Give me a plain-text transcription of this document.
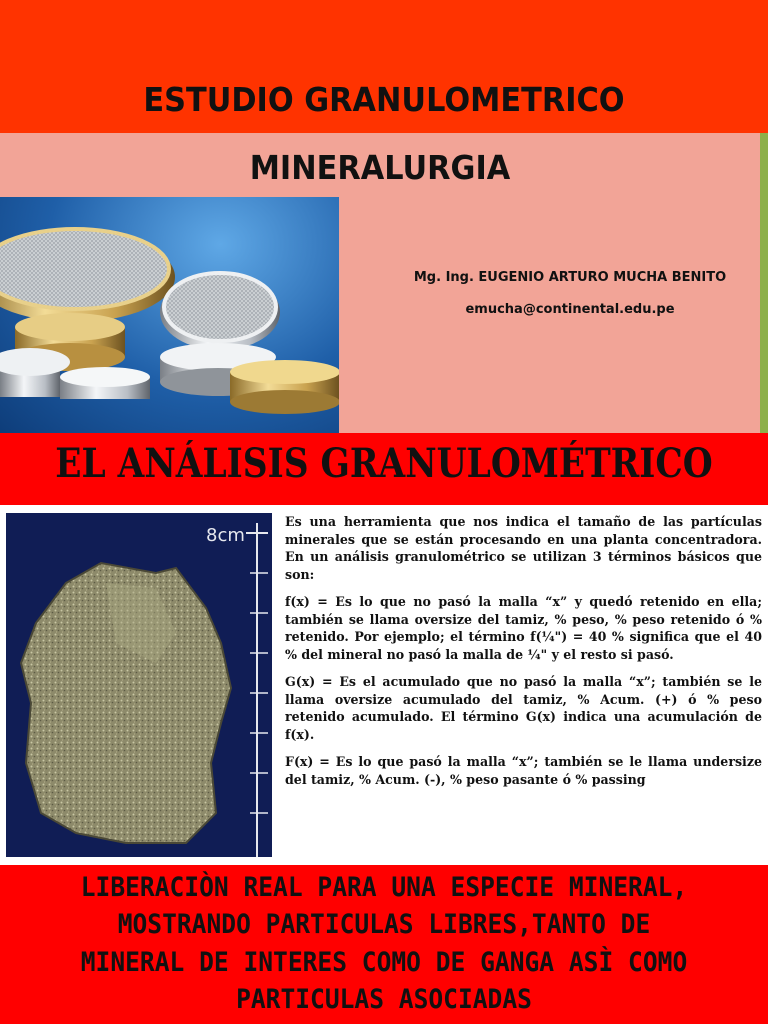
ESTUDIO GRANULOMETRICO
MINERALURGIA
Mg. Ing. EUGENIO ARTURO MUCHA BENITO
emucha@continental.edu.pe
EL ANÁLISIS GRANULOMÉTRICO
8cm

Es una herramienta que nos indica el tamaño de las partículas minerales que se están procesando en una planta concentradora. En un análisis granulométrico se utilizan 3 términos básicos que son:

f(x) = Es lo que no pasó la malla “x” y quedó retenido en ella; también se llama oversize del tamiz, % peso, % peso retenido ó % retenido. Por ejemplo; el término f(¼") = 40 % significa que el 40 % del mineral no pasó la malla de ¼" y el resto si pasó.

G(x) = Es el acumulado que no pasó la malla “x”; también se le llama oversize acumulado del tamiz, % Acum. (+) ó % peso retenido acumulado. El término G(x) indica una acumulación de f(x).

F(x) = Es lo que pasó la malla “x”; también se le llama undersize del tamiz, % Acum. (-), % peso pasante ó % passing

LIBERACIÒN REAL PARA UNA ESPECIE MINERAL,
MOSTRANDO PARTICULAS LIBRES,TANTO DE
MINERAL DE INTERES COMO DE GANGA ASÌ COMO
PARTICULAS ASOCIADAS
